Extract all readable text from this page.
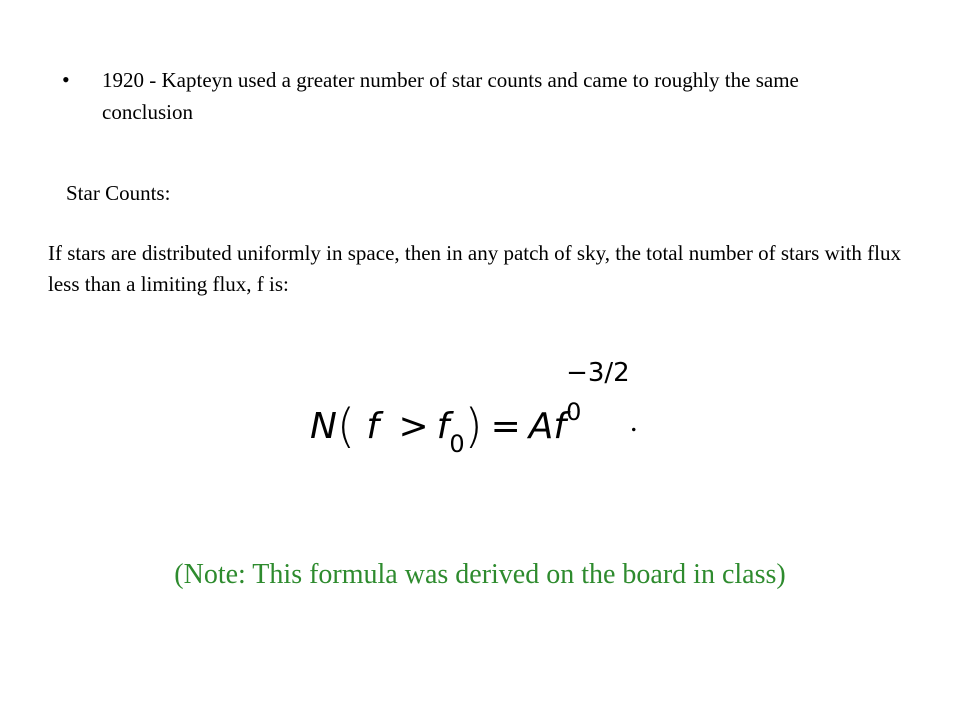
•	1920 - Kapteyn used a greater number of star counts and came to roughly the same conclusion
Star Counts:
If stars are distributed uniformly in space, then in any patch of sky, the total number of stars with flux less than a limiting flux, f is:
N( $f > f_0) = Af$
−3/2
0 .
(Note: This formula was derived on the board in class)
